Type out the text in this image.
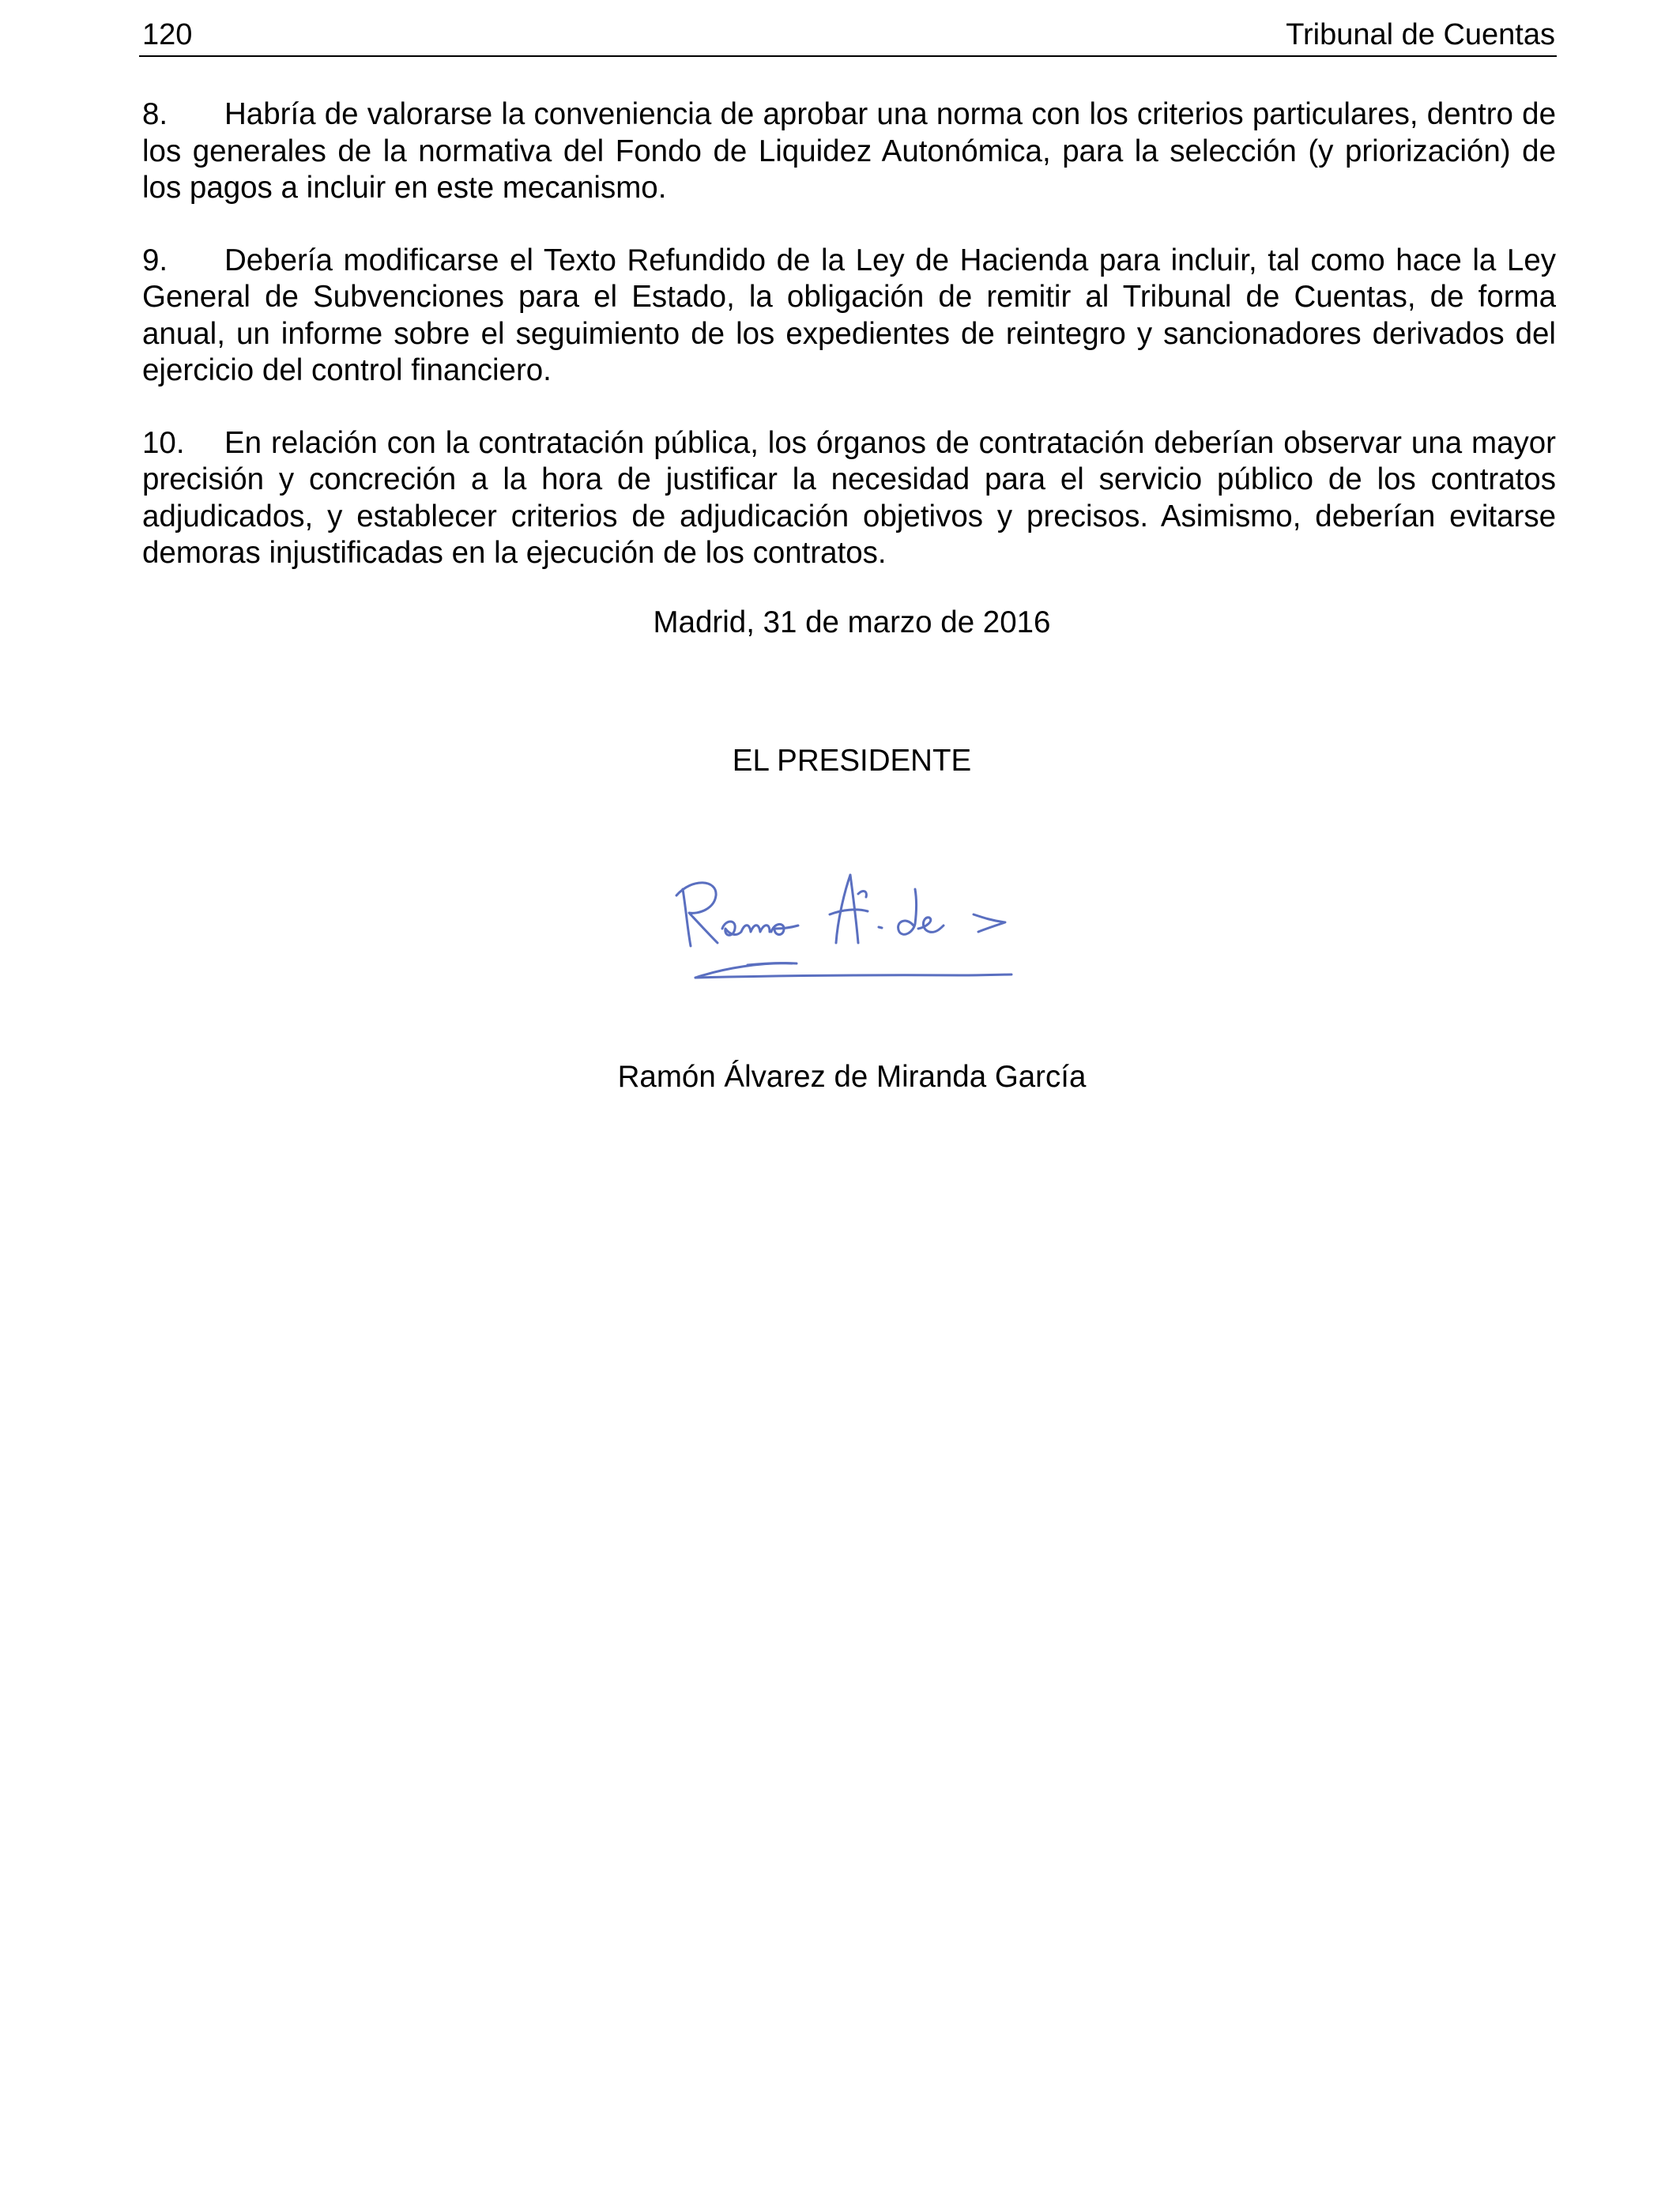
120	Tribunal de Cuentas

8. Habría de valorarse la conveniencia de aprobar una norma con los criterios particulares, dentro de los generales de la normativa del Fondo de Liquidez Autonómica, para la selección (y priorización) de los pagos a incluir en este mecanismo.

9. Debería modificarse el Texto Refundido de la Ley de Hacienda para incluir, tal como hace la Ley General de Subvenciones para el Estado, la obligación de remitir al Tribunal de Cuentas, de forma anual, un informe sobre el seguimiento de los expedientes de reintegro y sancionadores derivados del ejercicio del control financiero.

10. En relación con la contratación pública, los órganos de contratación deberían observar una mayor precisión y concreción a la hora de justificar la necesidad para el servicio público de los contratos adjudicados, y establecer criterios de adjudicación objetivos y precisos. Asimismo, deberían evitarse demoras injustificadas en la ejecución de los contratos.

Madrid, 31 de marzo de 2016
EL PRESIDENTE
Ramón Álvarez de Miranda García
